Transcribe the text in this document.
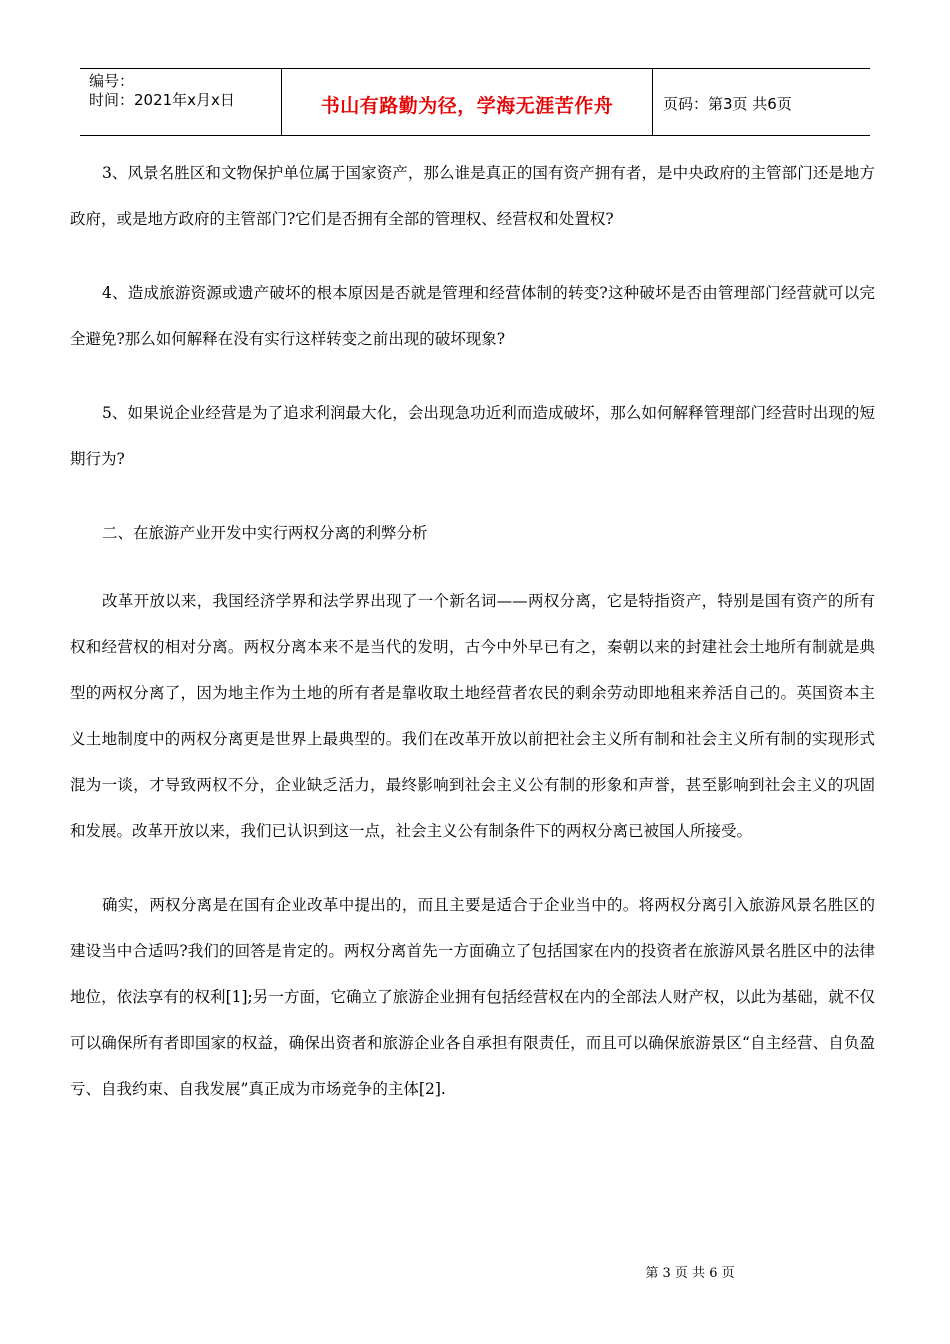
编号：
时间：2021年x月x日	书山有路勤为径，学海无涯苦作舟	页码：第3页 共6页

3、风景名胜区和文物保护单位属于国家资产，那么谁是真正的国有资产拥有者，是中央政府的主管部门还是地方政府，或是地方政府的主管部门?它们是否拥有全部的管理权、经营权和处置权?

4、造成旅游资源或遗产破坏的根本原因是否就是管理和经营体制的转变?这种破坏是否由管理部门经营就可以完全避免?那么如何解释在没有实行这样转变之前出现的破坏现象?

5、如果说企业经营是为了追求利润最大化，会出现急功近利而造成破坏，那么如何解释管理部门经营时出现的短期行为?

二、在旅游产业开发中实行两权分离的利弊分析

改革开放以来，我国经济学界和法学界出现了一个新名词——两权分离，它是特指资产，特别是国有资产的所有权和经营权的相对分离。两权分离本来不是当代的发明，古今中外早已有之，秦朝以来的封建社会土地所有制就是典型的两权分离了，因为地主作为土地的所有者是靠收取土地经营者农民的剩余劳动即地租来养活自己的。英国资本主义土地制度中的两权分离更是世界上最典型的。我们在改革开放以前把社会主义所有制和社会主义所有制的实现形式混为一谈，才导致两权不分，企业缺乏活力，最终影响到社会主义公有制的形象和声誉，甚至影响到社会主义的巩固和发展。改革开放以来，我们已认识到这一点，社会主义公有制条件下的两权分离已被国人所接受。

确实，两权分离是在国有企业改革中提出的，而且主要是适合于企业当中的。将两权分离引入旅游风景名胜区的建设当中合适吗?我们的回答是肯定的。两权分离首先一方面确立了包括国家在内的投资者在旅游风景名胜区中的法律地位，依法享有的权利[1];另一方面，它确立了旅游企业拥有包括经营权在内的全部法人财产权，以此为基础，就不仅可以确保所有者即国家的权益，确保出资者和旅游企业各自承担有限责任，而且可以确保旅游景区“自主经营、自负盈亏、自我约束、自我发展”真正成为市场竞争的主体[2].

第 3 页 共 6 页
